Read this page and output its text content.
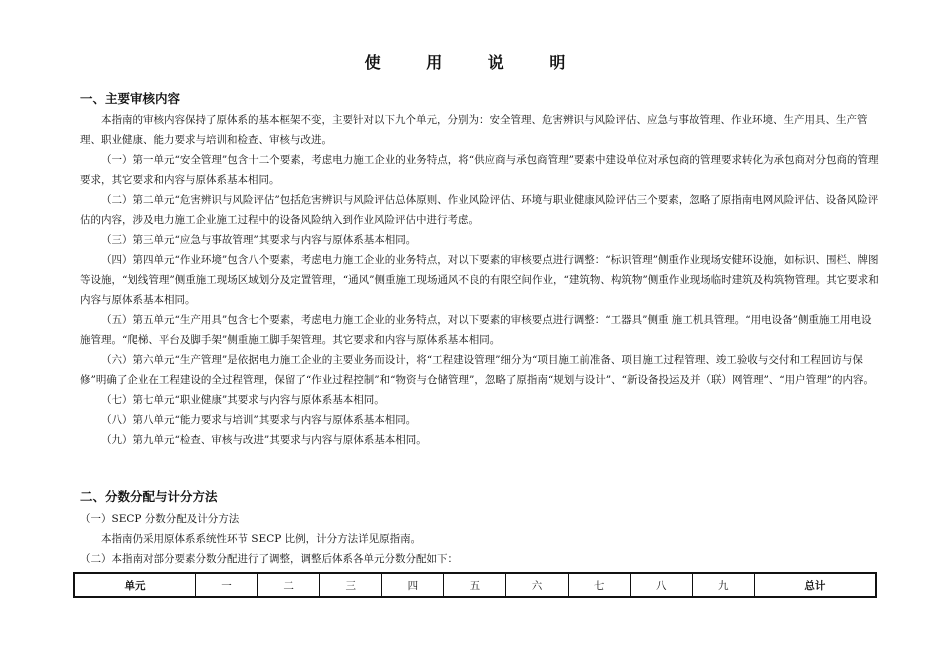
使 用 说 明
一、主要审核内容

本指南的审核内容保持了原体系的基本框架不变，主要针对以下九个单元，分别为：安全管理、危害辨识与风险评估、应急与事故管理、作业环境、生产用具、生产管理、职业健康、能力要求与培训和检查、审核与改进。

（一）第一单元“安全管理”包含十二个要素，考虑电力施工企业的业务特点，将“供应商与承包商管理”要素中建设单位对承包商的管理要求转化为承包商对分包商的管理要求，其它要求和内容与原体系基本相同。

（二）第二单元“危害辨识与风险评估”包括危害辨识与风险评估总体原则、作业风险评估、环境与职业健康风险评估三个要素，忽略了原指南电网风险评估、设备风险评估的内容，涉及电力施工企业施工过程中的设备风险纳入到作业风险评估中进行考虑。

（三）第三单元“应急与事故管理”其要求与内容与原体系基本相同。

（四）第四单元“作业环境”包含八个要素，考虑电力施工企业的业务特点，对以下要素的审核要点进行调整：“标识管理”侧重作业现场安健环设施，如标识、围栏、牌图等设施，“划线管理”侧重施工现场区域划分及定置管理，“通风”侧重施工现场通风不良的有限空间作业，“建筑物、构筑物”侧重作业现场临时建筑及构筑物管理。其它要求和内容与原体系基本相同。

（五）第五单元“生产用具”包含七个要素，考虑电力施工企业的业务特点，对以下要素的审核要点进行调整：“工器具”侧重 施工机具管理。“用电设备”侧重施工用电设施管理。“爬梯、平台及脚手架”侧重施工脚手架管理。其它要求和内容与原体系基本相同。

（六）第六单元“生产管理”是依据电力施工企业的主要业务而设计，将“工程建设管理”细分为“项目施工前准备、项目施工过程管理、竣工验收与交付和工程回访与保修”明确了企业在工程建设的全过程管理，保留了“作业过程控制”和“物资与仓储管理”，忽略了原指南“规划与设计”、“新设备投运及并（联）网管理”、“用户管理”的内容。

（七）第七单元“职业健康”其要求与内容与原体系基本相同。

（八）第八单元“能力要求与培训”其要求与内容与原体系基本相同。

（九）第九单元“检查、审核与改进”其要求与内容与原体系基本相同。

二、分数分配与计分方法
（一）SECP 分数分配及计分方法
本指南仍采用原体系系统性环节 SECP 比例，计分方法详见原指南。
（二）本指南对部分要素分数分配进行了调整，调整后体系各单元分数分配如下：
单元	一	二	三	四	五	六	七	八	九	总计
